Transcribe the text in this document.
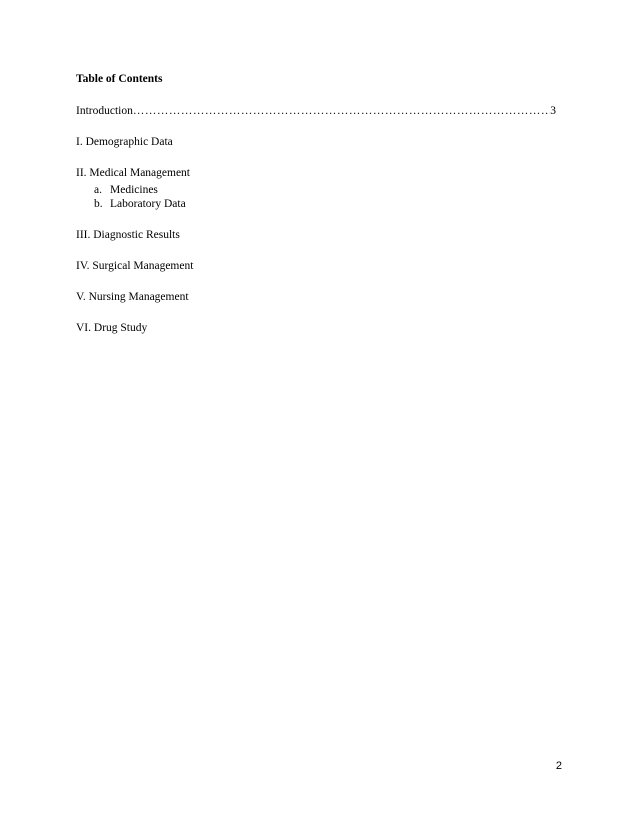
Table of Contents
Introduction
…………………………………………………………………………………………………………………………………………………………………………	3
I. Demographic Data
II. Medical Management
a. Medicines
b. Laboratory Data
III. Diagnostic Results
IV. Surgical Management
V. Nursing Management
VI. Drug Study
2
